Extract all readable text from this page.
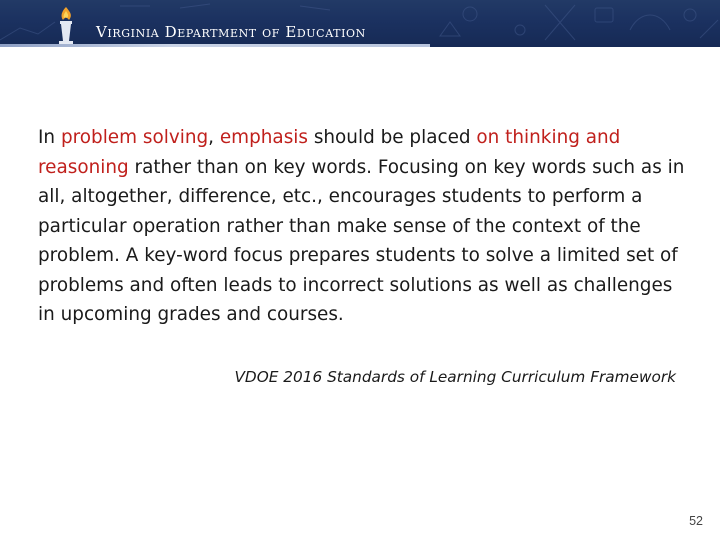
Virginia Department of Education

In problem solving, emphasis should be placed on thinking and reasoning rather than on key words. Focusing on key words such as in all, altogether, difference, etc., encourages students to perform a particular operation rather than make sense of the context of the problem. A key-word focus prepares students to solve a limited set of problems and often leads to incorrect solutions as well as challenges in upcoming grades and courses.

VDOE 2016 Standards of Learning Curriculum Framework
52
